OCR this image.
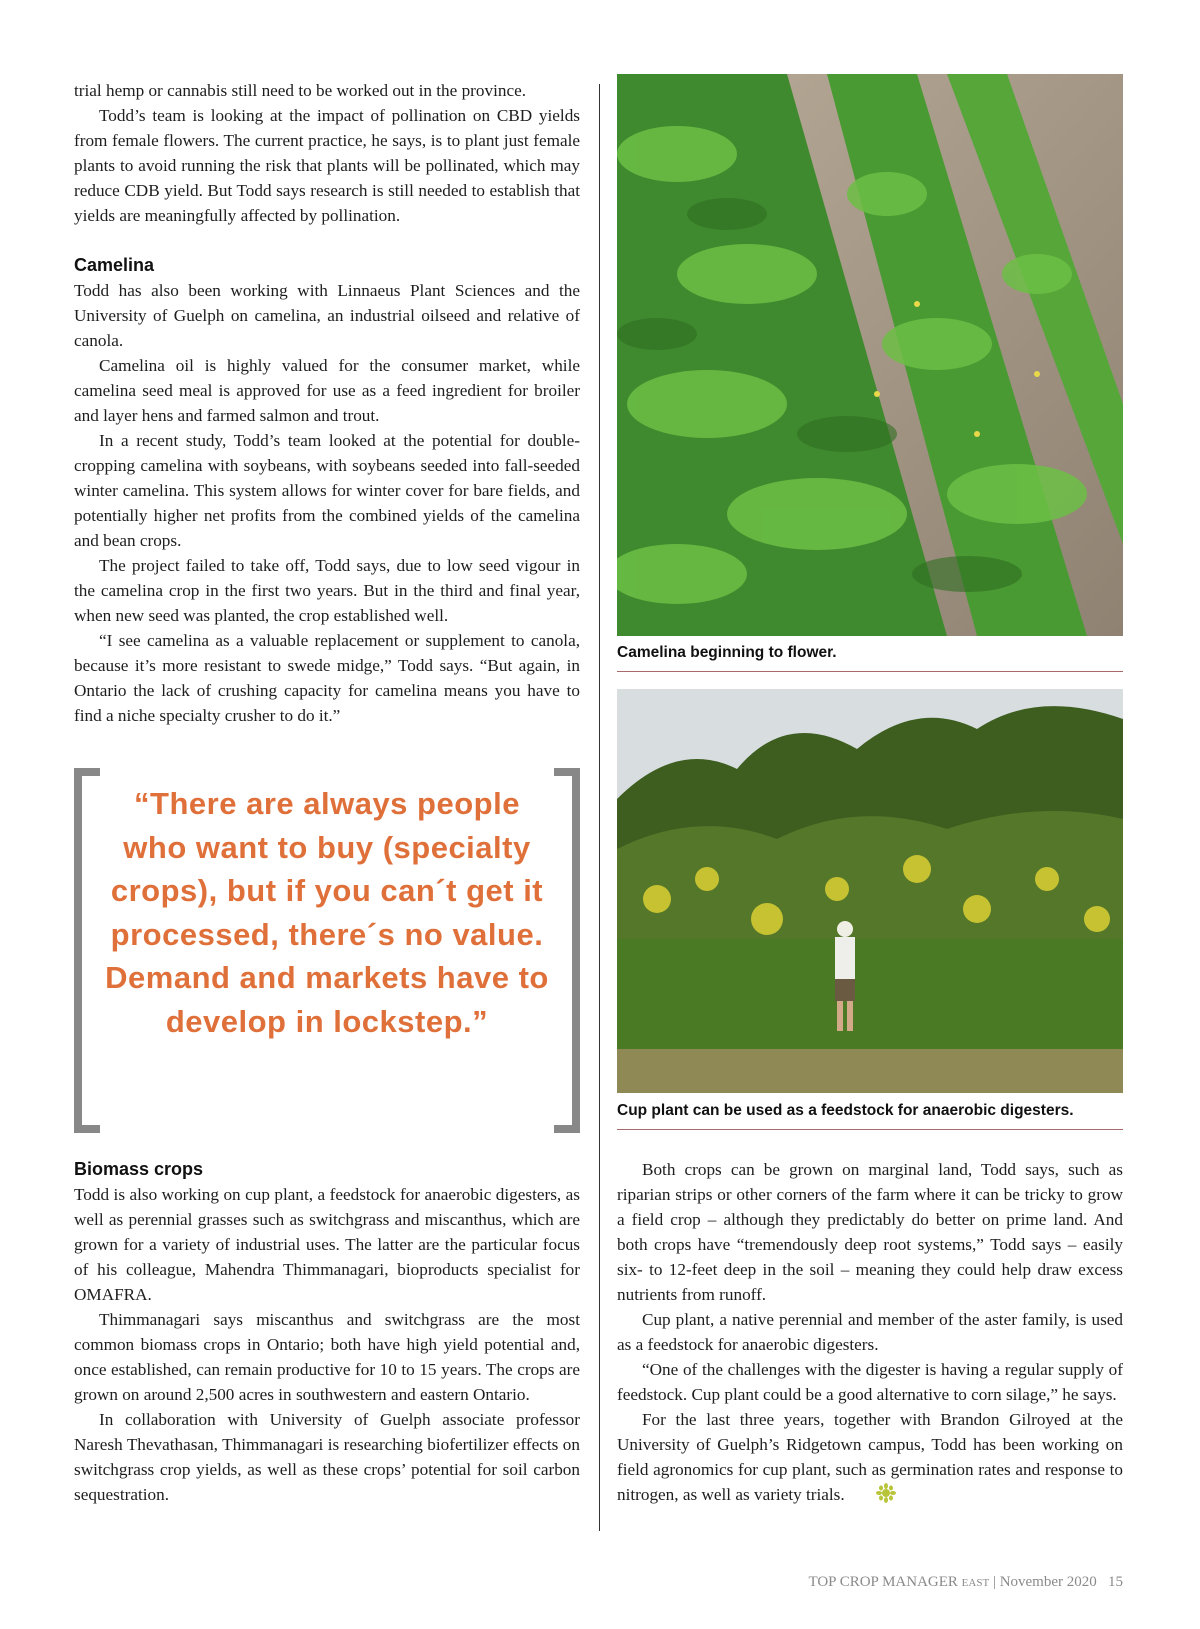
trial hemp or cannabis still need to be worked out in the province.

Todd’s team is looking at the impact of pollination on CBD yields from female flowers. The current practice, he says, is to plant just female plants to avoid running the risk that plants will be pollinated, which may reduce CDB yield. But Todd says research is still needed to establish that yields are meaningfully affected by pollination.

Camelina

Todd has also been working with Linnaeus Plant Sciences and the University of Guelph on camelina, an industrial oilseed and relative of canola.

Camelina oil is highly valued for the consumer market, while camelina seed meal is approved for use as a feed ingredient for broiler and layer hens and farmed salmon and trout.

In a recent study, Todd’s team looked at the potential for double-cropping camelina with soybeans, with soybeans seeded into fall-seeded winter camelina. This system allows for winter cover for bare fields, and potentially higher net profits from the combined yields of the camelina and bean crops.

The project failed to take off, Todd says, due to low seed vigour in the camelina crop in the first two years. But in the third and final year, when new seed was planted, the crop established well.

“I see camelina as a valuable replacement or supplement to canola, because it’s more resistant to swede midge,” Todd says. “But again, in Ontario the lack of crushing capacity for camelina means you have to find a niche specialty crusher to do it.”

“There are always people who want to buy (specialty crops), but if you can´t get it processed, there´s no value. Demand and markets have to develop in lockstep.”
Biomass crops

Todd is also working on cup plant, a feedstock for anaerobic digesters, as well as perennial grasses such as switchgrass and miscanthus, which are grown for a variety of industrial uses. The latter are the particular focus of his colleague, Mahendra Thimmanagari, bioproducts specialist for OMAFRA.

Thimmanagari says miscanthus and switchgrass are the most common biomass crops in Ontario; both have high yield potential and, once established, can remain productive for 10 to 15 years. The crops are grown on around 2,500 acres in southwestern and eastern Ontario.

In collaboration with University of Guelph associate professor Naresh Thevathasan, Thimmanagari is researching biofertilizer effects on switchgrass crop yields, as well as these crops’ potential for soil carbon sequestration.

Camelina beginning to flower.
Cup plant can be used as a feedstock for anaerobic digesters.

Both crops can be grown on marginal land, Todd says, such as riparian strips or other corners of the farm where it can be tricky to grow a field crop – although they predictably do better on prime land. And both crops have “tremendously deep root systems,” Todd says – easily six- to 12-feet deep in the soil – meaning they could help draw excess nutrients from runoff.

Cup plant, a native perennial and member of the aster family, is used as a feedstock for anaerobic digesters.

“One of the challenges with the digester is having a regular supply of feedstock. Cup plant could be a good alternative to corn silage,” he says.

For the last three years, together with Brandon Gilroyed at the University of Guelph’s Ridgetown campus, Todd has been working on field agronomics for cup plant, such as germination rates and response to nitrogen, as well as variety trials.

TOP CROP MANAGER EAST | November 2020 15
